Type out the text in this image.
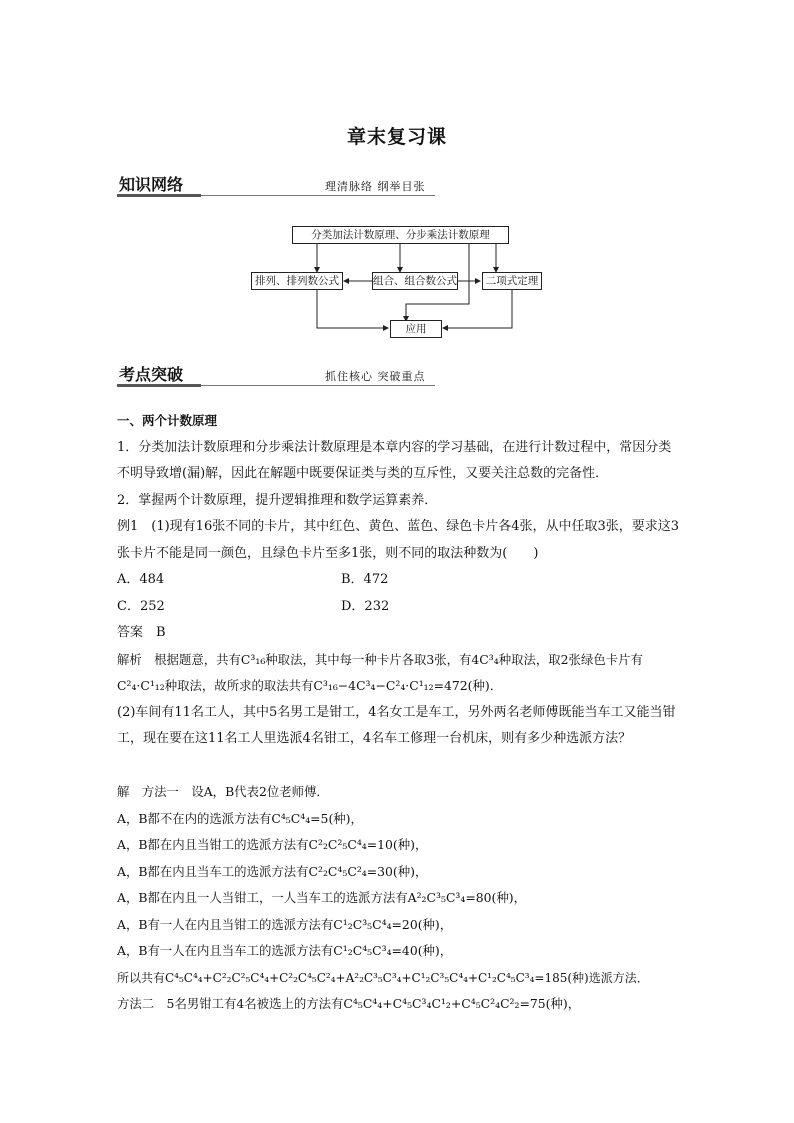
章末复习课
知识网络	理清脉络 纲举目张
分类加法计数原理、分步乘法计数原理
排列、排列数公式	组合、组合数公式	二项式定理
应用
考点突破	抓住核心 突破重点
一、两个计数原理
1．分类加法计数原理和分步乘法计数原理是本章内容的学习基础，在进行计数过程中，常因分类不明导致增(漏)解，因此在解题中既要保证类与类的互斥性，又要关注总数的完备性．
2．掌握两个计数原理，提升逻辑推理和数学运算素养．
例1　(1)现有16张不同的卡片，其中红色、黄色、蓝色、绿色卡片各4张，从中任取3张，要求这3张卡片不能是同一颜色，且绿色卡片至多1张，则不同的取法种数为(　　)
A．484	B．472
C．252	D．232
答案　B
解析　根据题意，共有C³₁₆种取法，其中每一种卡片各取3张，有4C³₄种取法，取2张绿色卡片有C²₄·C¹₁₂种取法，故所求的取法共有C³₁₆−4C³₄−C²₄·C¹₁₂=472(种)．
(2)车间有11名工人，其中5名男工是钳工，4名女工是车工，另外两名老师傅既能当车工又能当钳工，现在要在这11名工人里选派4名钳工，4名车工修理一台机床，则有多少种选派方法？
解　方法一　设A，B代表2位老师傅．
A，B都不在内的选派方法有C⁴₅C⁴₄=5(种)，
A，B都在内且当钳工的选派方法有C²₂C²₅C⁴₄=10(种)，
A，B都在内且当车工的选派方法有C²₂C⁴₅C²₄=30(种)，
A，B都在内且一人当钳工，一人当车工的选派方法有A²₂C³₅C³₄=80(种)，
A，B有一人在内且当钳工的选派方法有C¹₂C³₅C⁴₄=20(种)，
A，B有一人在内且当车工的选派方法有C¹₂C⁴₅C³₄=40(种)，
所以共有C⁴₅C⁴₄+C²₂C²₅C⁴₄+C²₂C⁴₅C²₄+A²₂C³₅C³₄+C¹₂C³₅C⁴₄+C¹₂C⁴₅C³₄=185(种)选派方法．
方法二　5名男钳工有4名被选上的方法有C⁴₅C⁴₄+C⁴₅C³₄C¹₂+C⁴₅C²₄C²₂=75(种)，
